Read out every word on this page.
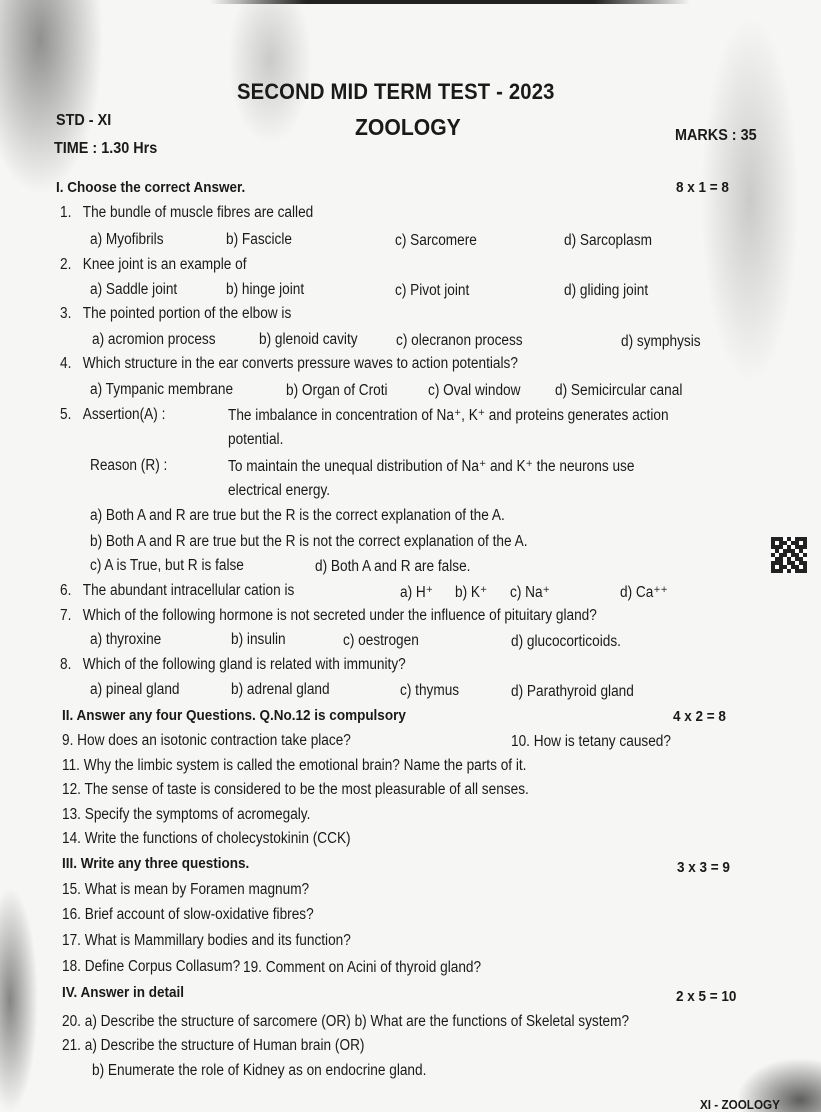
SECOND MID TERM TEST - 2023
STD - XI	ZOOLOGY	MARKS : 35
TIME : 1.30 Hrs
I. Choose the correct Answer.	8 x 1 = 8
1. The bundle of muscle fibres are called
a) Myofibrils	b) Fascicle	c) Sarcomere	d) Sarcoplasm
2. Knee joint is an example of
a) Saddle joint	b) hinge joint	c) Pivot joint	d) gliding joint
3. The pointed portion of the elbow is
a) acromion process	b) glenoid cavity c) olecranon process	d) symphysis
4. Which structure in the ear converts pressure waves to action potentials?
a) Tympanic membrane	b) Organ of Croti	c) Oval window d) Semicircular canal
5. Assertion(A) :	The imbalance in concentration of Na⁺, K⁺ and proteins generates action
potential.
Reason (R) :	To maintain the unequal distribution of Na⁺ and K⁺ the neurons use
electrical energy.
a) Both A and R are true but the R is the correct explanation of the A.
b) Both A and R are true but the R is not the correct explanation of the A.
c) A is True, but R is false	d) Both A and R are false.
6. The abundant intracellular cation is	a) H⁺ b) K⁺ c) Na⁺	d) Ca⁺⁺
7. Which of the following hormone is not secreted under the influence of pituitary gland?
a) thyroxine	b) insulin	c) oestrogen	d) glucocorticoids.
8. Which of the following gland is related with immunity?
a) pineal gland	b) adrenal gland	c) thymus	d) Parathyroid gland
II. Answer any four Questions. Q.No.12 is compulsory	4 x 2 = 8
9. How does an isotonic contraction take place?	10. How is tetany caused?
11. Why the limbic system is called the emotional brain? Name the parts of it.
12. The sense of taste is considered to be the most pleasurable of all senses.
13. Specify the symptoms of acromegaly.
14. Write the functions of cholecystokinin (CCK)
III. Write any three questions.	3 x 3 = 9
15. What is mean by Foramen magnum?
16. Brief account of slow-oxidative fibres?
17. What is Mammillary bodies and its function?
18. Define Corpus Collasum? 19. Comment on Acini of thyroid gland?
IV. Answer in detail	2 x 5 = 10
20. a) Describe the structure of sarcomere (OR) b) What are the functions of Skeletal system?
21. a) Describe the structure of Human brain (OR)
b) Enumerate the role of Kidney as on endocrine gland.
XI - ZOOLOGY
